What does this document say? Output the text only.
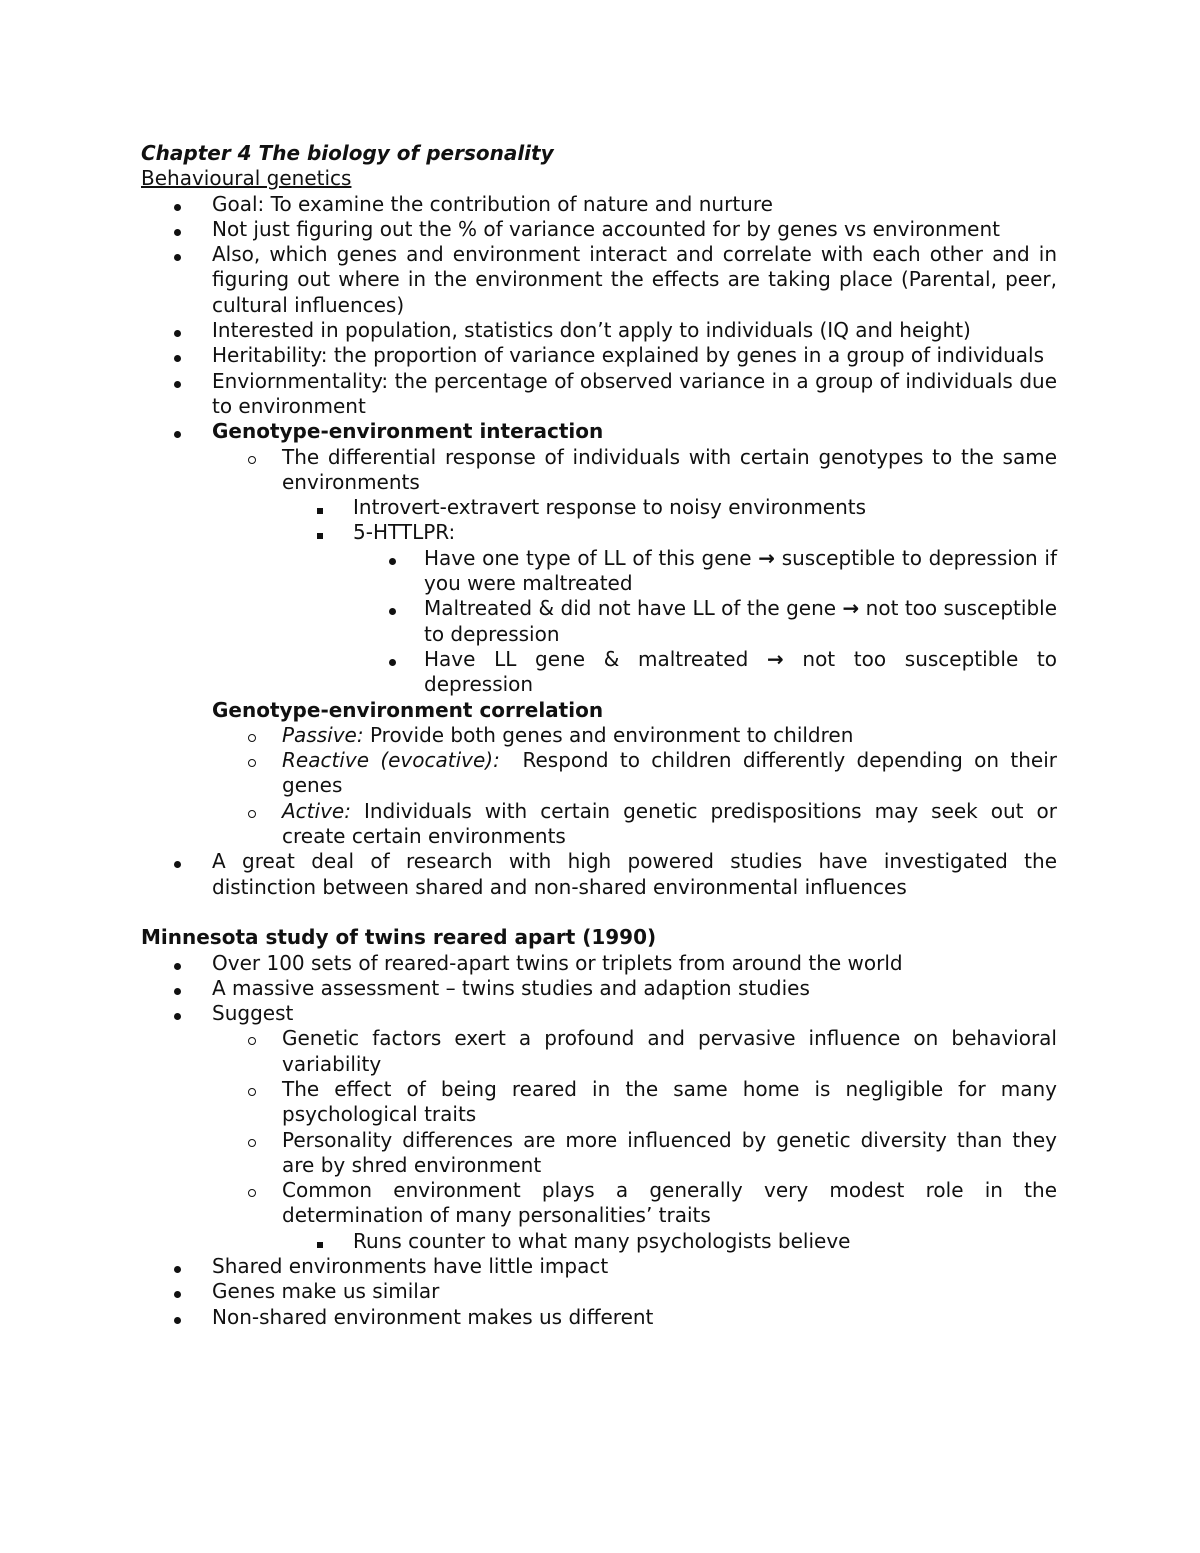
Chapter 4 The biology of personality
Behavioural genetics
Goal: To examine the contribution of nature and nurture
Not just figuring out the % of variance accounted for by genes vs environment
Also, which genes and environment interact and correlate with each other and in figuring out where in the environment the effects are taking place (Parental, peer, cultural influences)
Interested in population, statistics don’t apply to individuals (IQ and height)
Heritability: the proportion of variance explained by genes in a group of individuals
Enviornmentality: the percentage of observed variance in a group of individuals due to environment
Genotype-environment interaction
The differential response of individuals with certain genotypes to the same environments
Introvert-extravert response to noisy environments
5-HTTLPR:
Have one type of LL of this gene → susceptible to depression if you were maltreated
Maltreated & did not have LL of the gene → not too susceptible to depression
Have LL gene & maltreated → not too susceptible to depression
Genotype-environment correlation
Passive: Provide both genes and environment to children
Reactive (evocative):  Respond to children differently depending on their genes
Active: Individuals with certain genetic predispositions may seek out or create certain environments
A great deal of research with high powered studies have investigated the distinction between shared and non-shared environmental influences
Minnesota study of twins reared apart (1990)
Over 100 sets of reared-apart twins or triplets from around the world
A massive assessment – twins studies and adaption studies
Suggest
Genetic factors exert a profound and pervasive influence on behavioral variability
The effect of being reared in the same home is negligible for many psychological traits
Personality differences are more influenced by genetic diversity than they are by shred environment
Common environment plays a generally very modest role in the determination of many personalities’ traits
Runs counter to what many psychologists believe
Shared environments have little impact
Genes make us similar
Non-shared environment makes us different
